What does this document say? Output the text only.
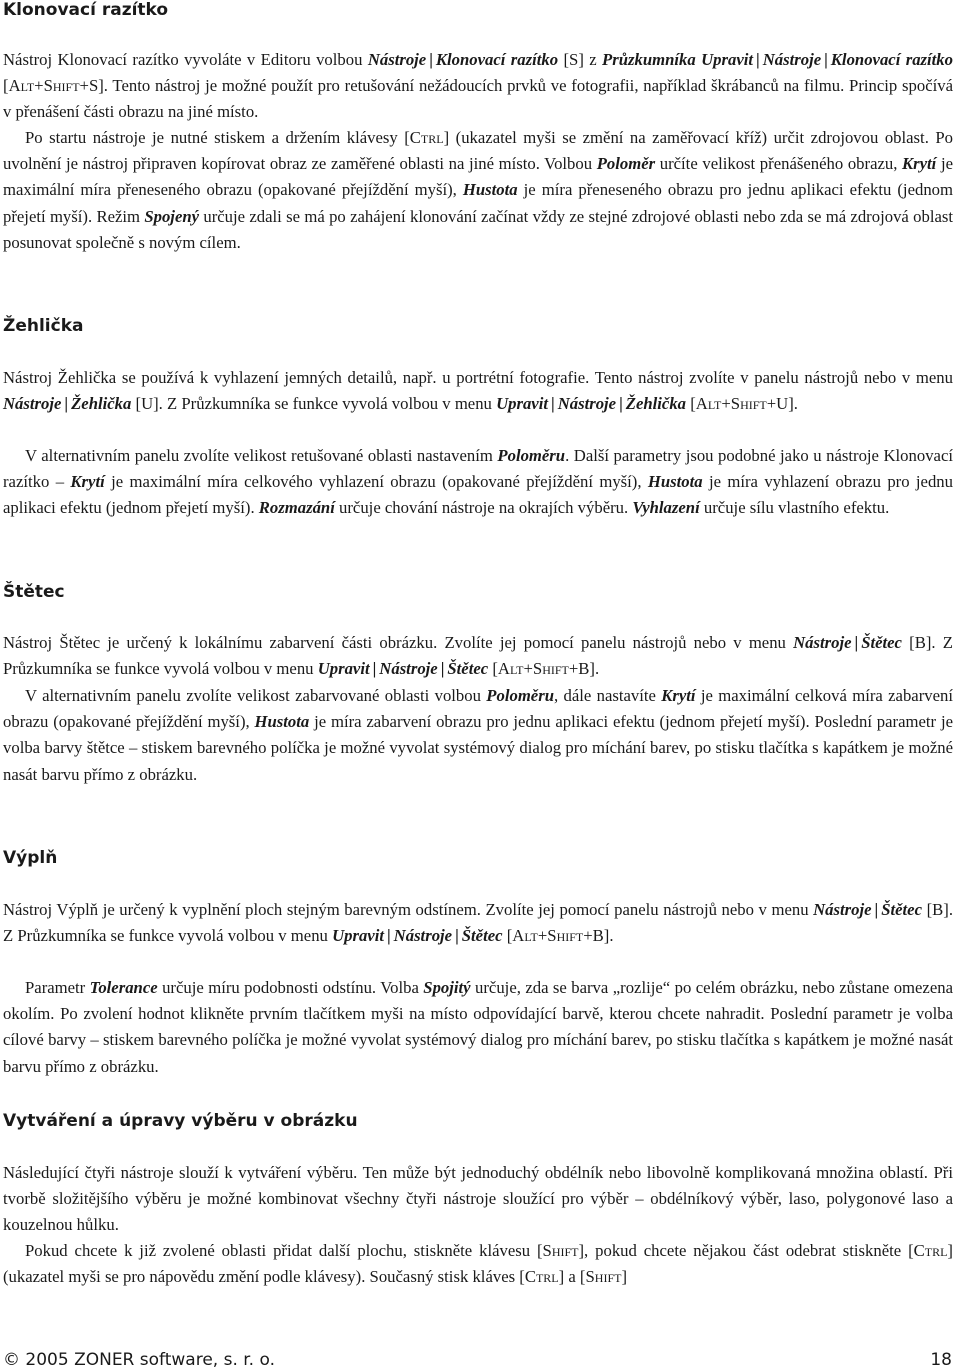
Klonovací razítko

Nástroj Klonovací razítko vyvoláte v Editoru volbou Nástroje | Klonovací razítko [S] z Průzkumníka Upravit | Nástroje | Klonovací razítko [Alt+Shift+S]. Tento nástroj je možné použít pro retušování nežádoucích prvků ve fotografii, například škrábanců na filmu. Princip spočívá v přenášení části obrazu na jiné místo.

Po startu nástroje je nutné stiskem a držením klávesy [Ctrl] (ukazatel myši se změní na zaměřovací kříž) určit zdrojovou oblast. Po uvolnění je nástroj připraven kopírovat obraz ze zaměřené oblasti na jiné místo. Volbou Poloměr určíte velikost přenášeného obrazu, Krytí je maximální míra přeneseného obrazu (opakované přejíždění myší), Hustota je míra přeneseného obrazu pro jednu aplikaci efektu (jednom přejetí myší). Režim Spojený určuje zdali se má po zahájení klonování začínat vždy ze stejné zdrojové oblasti nebo zda se má zdrojová oblast posunovat společně s novým cílem.

Žehlička

Nástroj Žehlička se používá k vyhlazení jemných detailů, např. u portrétní fotografie. Tento nástroj zvolíte v panelu nástrojů nebo v menu Nástroje | Žehlička [U]. Z Průzkumníka se funkce vyvolá volbou v menu Upravit | Nástroje | Žehlička [Alt+Shift+U].

V alternativním panelu zvolíte velikost retušované oblasti nastavením Poloměru. Další parametry jsou podobné jako u nástroje Klonovací razítko – Krytí je maximální míra celkového vyhlazení obrazu (opakované přejíždění myší), Hustota je míra vyhlazení obrazu pro jednu aplikaci efektu (jednom přejetí myší). Rozmazání určuje chování nástroje na okrajích výběru. Vyhlazení určuje sílu vlastního efektu.

Štětec

Nástroj Štětec je určený k lokálnímu zabarvení části obrázku. Zvolíte jej pomocí panelu nástrojů nebo v menu Nástroje | Štětec [B]. Z Průzkumníka se funkce vyvolá volbou v menu Upravit | Nástroje | Štětec [Alt+Shift+B].

V alternativním panelu zvolíte velikost zabarvované oblasti volbou Poloměru, dále nastavíte Krytí je maximální celková míra zabarvení obrazu (opakované přejíždění myší), Hustota je míra zabarvení obrazu pro jednu aplikaci efektu (jednom přejetí myší). Poslední parametr je volba barvy štětce – stiskem barevného políčka je možné vyvolat systémový dialog pro míchání barev, po stisku tlačítka s kapátkem je možné nasát barvu přímo z obrázku.

Výplň

Nástroj Výplň je určený k vyplnění ploch stejným barevným odstínem. Zvolíte jej pomocí panelu nástrojů nebo v menu Nástroje | Štětec [B]. Z Průzkumníka se funkce vyvolá volbou v menu Upravit | Nástroje | Štětec [Alt+Shift+B].

Parametr Tolerance určuje míru podobnosti odstínu. Volba Spojitý určuje, zda se barva „rozlije“ po celém obrázku, nebo zůstane omezena okolím. Po zvolení hodnot klikněte prvním tlačítkem myši na místo odpovídající barvě, kterou chcete nahradit. Poslední parametr je volba cílové barvy – stiskem barevného políčka je možné vyvolat systémový dialog pro míchání barev, po stisku tlačítka s kapátkem je možné nasát barvu přímo z obrázku.

Vytváření a úpravy výběru v obrázku

Následující čtyři nástroje slouží k vytváření výběru. Ten může být jednoduchý obdélník nebo libovolně komplikovaná množina oblastí. Při tvorbě složitějšího výběru je možné kombinovat všechny čtyři nástroje sloužící pro výběr – obdélníkový výběr, laso, polygonové laso a kouzelnou hůlku.

Pokud chcete k již zvolené oblasti přidat další plochu, stiskněte klávesu [Shift], pokud chcete nějakou část odebrat stiskněte [Ctrl] (ukazatel myši se pro nápovědu změní podle klávesy). Současný stisk kláves [Ctrl] a [Shift]

© 2005 ZONER software, s. r. o.	18
